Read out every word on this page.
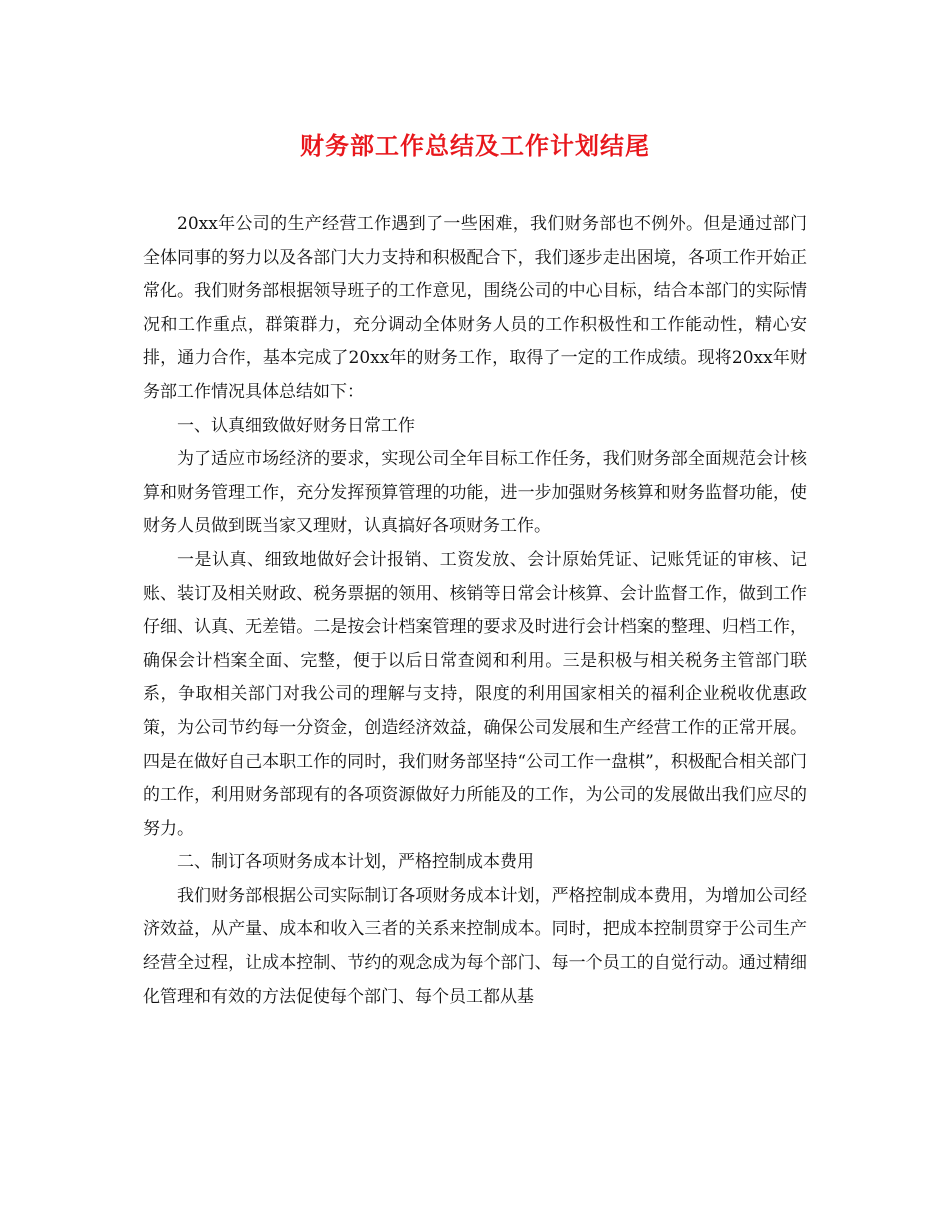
财务部工作总结及工作计划结尾

20xx年公司的生产经营工作遇到了一些困难，我们财务部也不例外。但是通过部门全体同事的努力以及各部门大力支持和积极配合下，我们逐步走出困境，各项工作开始正常化。我们财务部根据领导班子的工作意见，围绕公司的中心目标，结合本部门的实际情况和工作重点，群策群力，充分调动全体财务人员的工作积极性和工作能动性，精心安排，通力合作，基本完成了20xx年的财务工作，取得了一定的工作成绩。现将20xx年财务部工作情况具体总结如下：

一、认真细致做好财务日常工作

为了适应市场经济的要求，实现公司全年目标工作任务，我们财务部全面规范会计核算和财务管理工作，充分发挥预算管理的功能，进一步加强财务核算和财务监督功能，使财务人员做到既当家又理财，认真搞好各项财务工作。

一是认真、细致地做好会计报销、工资发放、会计原始凭证、记账凭证的审核、记账、装订及相关财政、税务票据的领用、核销等日常会计核算、会计监督工作，做到工作仔细、认真、无差错。二是按会计档案管理的要求及时进行会计档案的整理、归档工作，确保会计档案全面、完整，便于以后日常查阅和利用。三是积极与相关税务主管部门联系，争取相关部门对我公司的理解与支持，限度的利用国家相关的福利企业税收优惠政策，为公司节约每一分资金，创造经济效益，确保公司发展和生产经营工作的正常开展。四是在做好自己本职工作的同时，我们财务部坚持“公司工作一盘棋”，积极配合相关部门的工作，利用财务部现有的各项资源做好力所能及的工作，为公司的发展做出我们应尽的努力。

二、制订各项财务成本计划，严格控制成本费用

我们财务部根据公司实际制订各项财务成本计划，严格控制成本费用，为增加公司经济效益，从产量、成本和收入三者的关系来控制成本。同时，把成本控制贯穿于公司生产经营全过程，让成本控制、节约的观念成为每个部门、每一个员工的自觉行动。通过精细化管理和有效的方法促使每个部门、每个员工都从基
